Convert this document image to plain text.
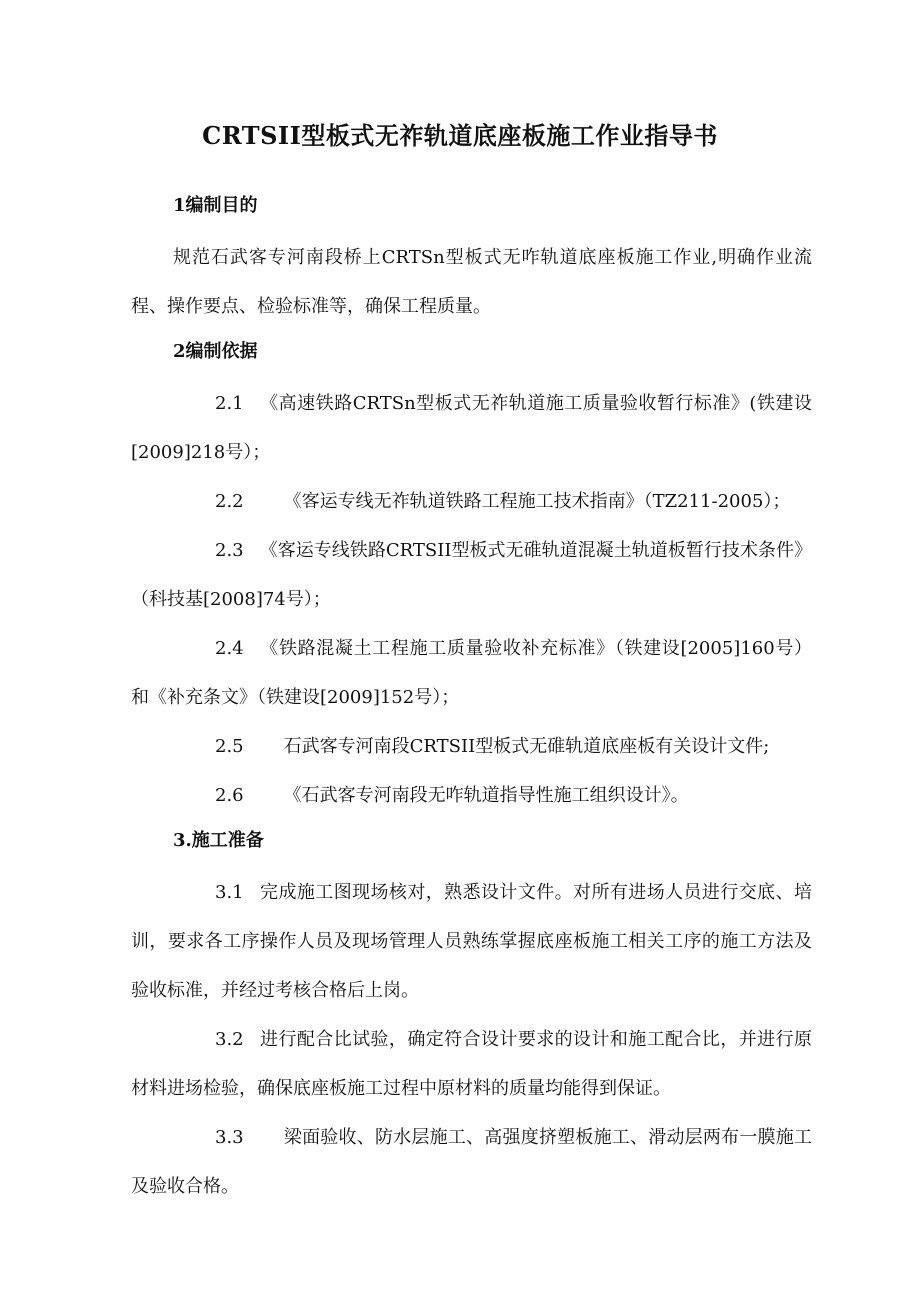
CRTSII型板式无祚轨道底座板施工作业指导书
1编制目的

规范石武客专河南段桥上CRTSn型板式无咋轨道底座板施工作业,明确作业流程、操作要点、检验标准等，确保工程质量。

2编制依据

2.1 《高速铁路CRTSn型板式无祚轨道施工质量验收暂行标准》(铁建设[2009]218号）；

2.2 《客运专线无祚轨道铁路工程施工技术指南》（TZ211-2005）；

2.3 《客运专线铁路CRTSII型板式无碓轨道混凝土轨道板暂行技术条件》（科技基[2008]74号）；

2.4 《铁路混凝土工程施工质量验收补充标准》（铁建设[2005]160号）和《补充条文》（铁建设[2009]152号）；

2.5 石武客专河南段CRTSII型板式无碓轨道底座板有关设计文件;

2.6 《石武客专河南段无咋轨道指导性施工组织设计》。

3.施工准备

3.1 完成施工图现场核对，熟悉设计文件。对所有进场人员进行交底、培训，要求各工序操作人员及现场管理人员熟练掌握底座板施工相关工序的施工方法及验收标准，并经过考核合格后上岗。

3.2 进行配合比试验，确定符合设计要求的设计和施工配合比，并进行原材料进场检验，确保底座板施工过程中原材料的质量均能得到保证。

3.3 梁面验收、防水层施工、高强度挤塑板施工、滑动层两布一膜施工及验收合格。
